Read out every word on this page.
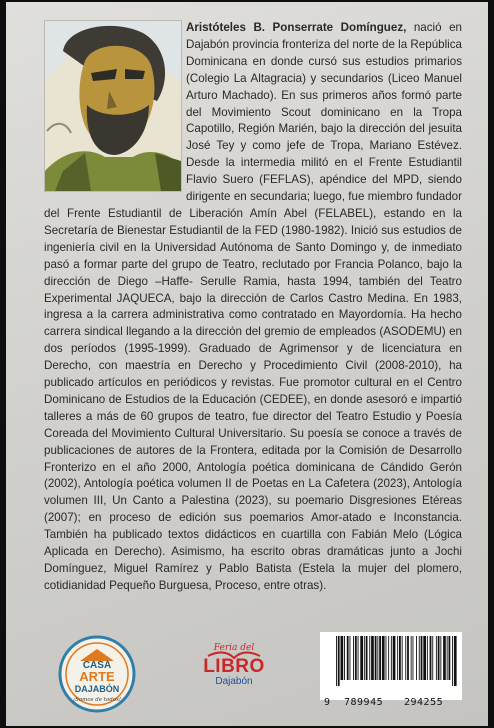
Aristóteles B. Ponserrate Domínguez, nació en Dajabón provincia fronteriza del norte de la República Dominicana en donde cursó sus estudios primarios (Colegio La Altagracia) y secundarios (Liceo Manuel Arturo Machado). En sus primeros años formó parte del Movimiento Scout dominicano en la Tropa Capotillo, Región Marién, bajo la dirección del jesuita José Tey y como jefe de Tropa, Mariano Estévez. Desde la intermedia militó en el Frente Estudiantil Flavio Suero (FEFLAS), apéndice del MPD, siendo dirigente en secundaria; luego, fue miembro fundador del Frente Estudiantil de Liberación Amín Abel (FELABEL), estando en la Secretaría de Bienestar Estudiantil de la FED (1980-1982). Inició sus estudios de ingeniería civil en la Universidad Autónoma de Santo Domingo y, de inmediato pasó a formar parte del grupo de Teatro, reclutado por Francia Polanco, bajo la dirección de Diego –Haffe- Serulle Ramia, hasta 1994, también del Teatro Experimental JAQUECA, bajo la dirección de Carlos Castro Medina. En 1983, ingresa a la carrera administrativa como contratado en Mayordomía. Ha hecho carrera sindical llegando a la dirección del gremio de empleados (ASODEMU) en dos períodos (1995-1999). Graduado de Agrimensor y de licenciatura en Derecho, con maestría en Derecho y Procedimiento Civil (2008-2010), ha publicado artículos en periódicos y revistas. Fue promotor cultural en el Centro Dominicano de Estudios de la Educación (CEDEE), en donde asesoró e impartió talleres a más de 60 grupos de teatro, fue director del Teatro Estudio y Poesía Coreada del Movimiento Cultural Universitario. Su poesía se conoce a través de publicaciones de autores de la Frontera, editada por la Comisión de Desarrollo Fronterizo en el año 2000, Antología poética dominicana de Cándido Gerón (2002), Antología poética volumen II de Poetas en La Cafetera (2023), Antología volumen III, Un Canto a Palestina (2023), su poemario Disgresiones Etéreas (2007); en proceso de edición sus poemarios Amor-atado e Inconstancia. También ha publicado textos didácticos en cuartilla con Fabián Melo (Lógica Aplicada en Derecho). Asimismo, ha escrito obras dramáticas junto a Jochi Domínguez, Miguel Ramírez y Pablo Batista (Estela la mujer del plomero, cotidianidad Pequeño Burguesa, Proceso, entre otras).

CASA
ARTE
DAJABÓN
¡Somos de todos!
Feria del
LIBRO
Dajabón
9 789945 294255
